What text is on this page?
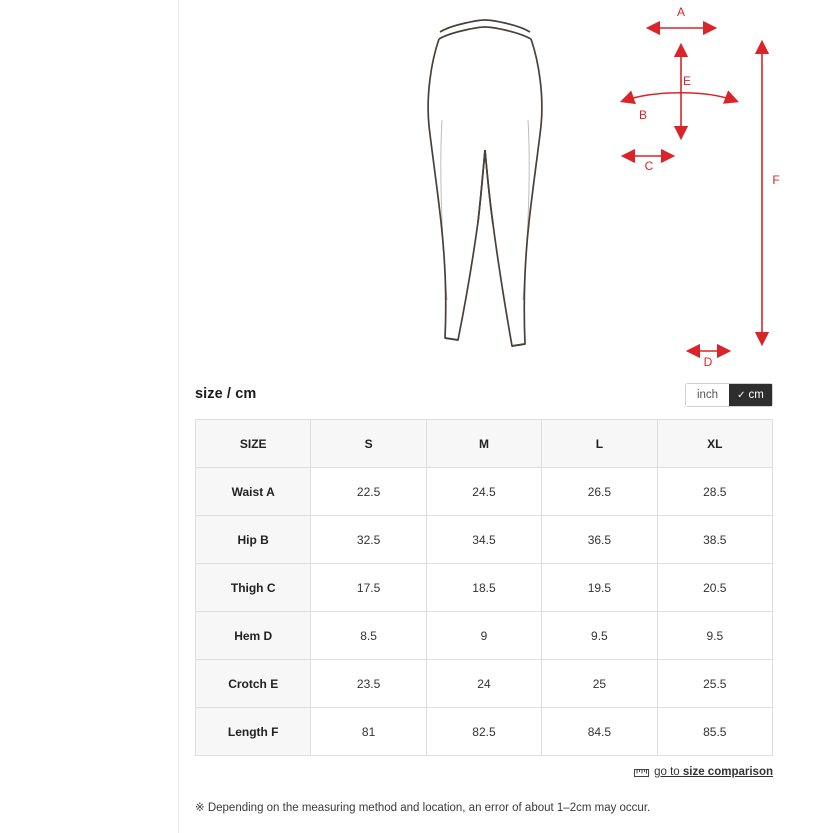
A
B
C
D
E
F
size / cm	inch	✓ cm
SIZE	S	M	L	XL
Waist A	22.5	24.5	26.5	28.5
Hip B	32.5	34.5	36.5	38.5
Thigh C	17.5	18.5	19.5	20.5
Hem D	8.5	9	9.5	9.5
Crotch E	23.5	24	25	25.5
Length F	81	82.5	84.5	85.5
go to size comparison
※ Depending on the measuring method and location, an error of about 1–2cm may occur.
